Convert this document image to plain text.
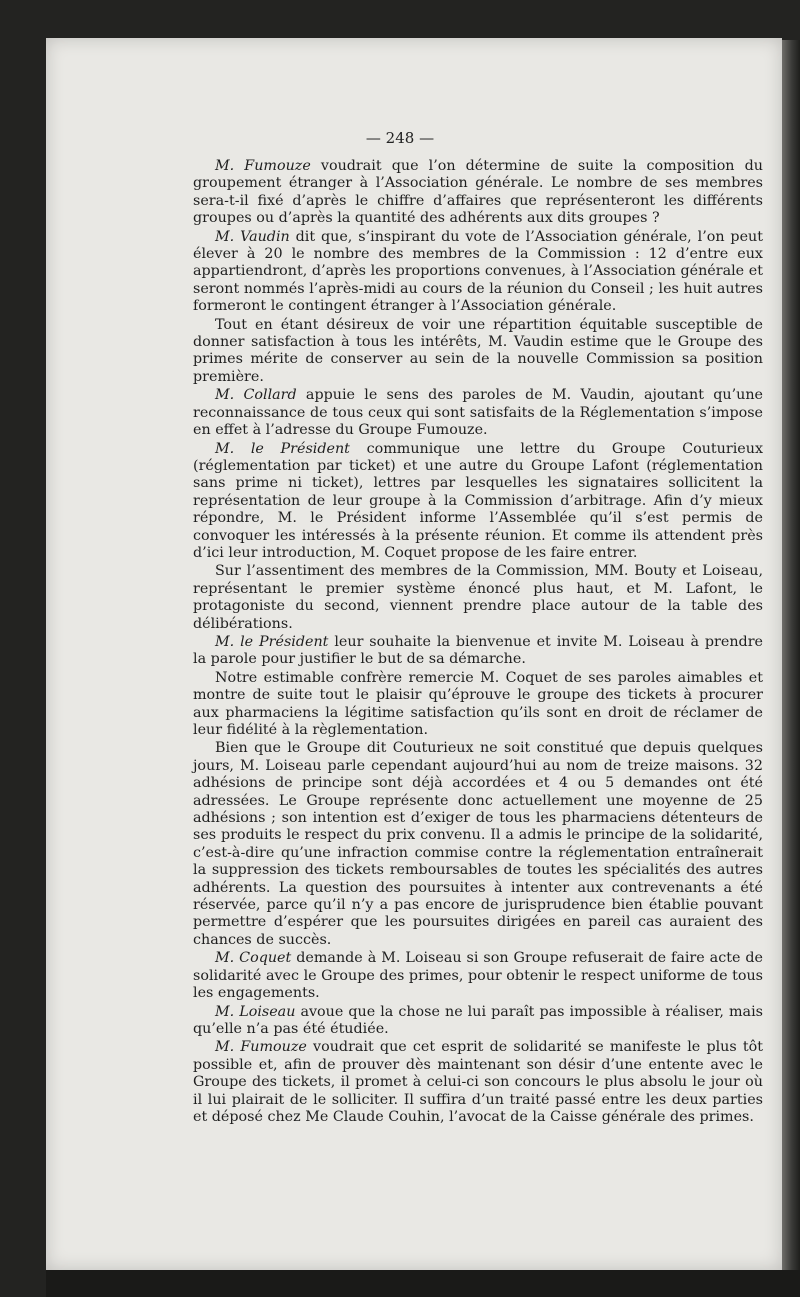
— 248 —

M. Fumouze voudrait que l’on détermine de suite la composition du groupement étranger à l’Association générale. Le nombre de ses membres sera-t-il fixé d’après le chiffre d’affaires que représenteront les différents groupes ou d’après la quantité des adhérents aux dits groupes ?

M. Vaudin dit que, s’inspirant du vote de l’Association générale, l’on peut élever à 20 le nombre des membres de la Commission : 12 d’entre eux appartiendront, d’après les proportions convenues, à l’Association générale et seront nommés l’après-midi au cours de la réunion du Conseil ; les huit autres formeront le contingent étranger à l’Association générale.

Tout en étant désireux de voir une répartition équitable susceptible de donner satisfaction à tous les intérêts, M. Vaudin estime que le Groupe des primes mérite de conserver au sein de la nouvelle Commission sa position première.

M. Collard appuie le sens des paroles de M. Vaudin, ajoutant qu’une reconnaissance de tous ceux qui sont satisfaits de la Réglementation s’impose en effet à l’adresse du Groupe Fumouze.

M. le Président communique une lettre du Groupe Couturieux (réglementation par ticket) et une autre du Groupe Lafont (réglementation sans prime ni ticket), lettres par lesquelles les signataires sollicitent la représentation de leur groupe à la Commission d’arbitrage. Afin d’y mieux répondre, M. le Président informe l’Assemblée qu’il s’est permis de convoquer les intéressés à la présente réunion. Et comme ils attendent près d’ici leur introduction, M. Coquet propose de les faire entrer.

Sur l’assentiment des membres de la Commission, MM. Bouty et Loiseau, représentant le premier système énoncé plus haut, et M. Lafont, le protagoniste du second, viennent prendre place autour de la table des délibérations.

M. le Président leur souhaite la bienvenue et invite M. Loiseau à prendre la parole pour justifier le but de sa démarche.

Notre estimable confrère remercie M. Coquet de ses paroles aimables et montre de suite tout le plaisir qu’éprouve le groupe des tickets à procurer aux pharmaciens la légitime satisfaction qu’ils sont en droit de réclamer de leur fidélité à la règlementation.

Bien que le Groupe dit Couturieux ne soit constitué que depuis quelques jours, M. Loiseau parle cependant aujourd’hui au nom de treize maisons. 32 adhésions de principe sont déjà accordées et 4 ou 5 demandes ont été adressées. Le Groupe représente donc actuellement une moyenne de 25 adhésions ; son intention est d’exiger de tous les pharmaciens détenteurs de ses produits le respect du prix convenu. Il a admis le principe de la solidarité, c’est-à-dire qu’une infraction commise contre la réglementation entraînerait la suppression des tickets remboursables de toutes les spécialités des autres adhérents. La question des poursuites à intenter aux contrevenants a été réservée, parce qu’il n’y a pas encore de jurisprudence bien établie pouvant permettre d’espérer que les poursuites dirigées en pareil cas auraient des chances de succès.

M. Coquet demande à M. Loiseau si son Groupe refuserait de faire acte de solidarité avec le Groupe des primes, pour obtenir le respect uniforme de tous les engagements.

M. Loiseau avoue que la chose ne lui paraît pas impossible à réaliser, mais qu’elle n’a pas été étudiée.

M. Fumouze voudrait que cet esprit de solidarité se manifeste le plus tôt possible et, afin de prouver dès maintenant son désir d’une entente avec le Groupe des tickets, il promet à celui-ci son concours le plus absolu le jour où il lui plairait de le solliciter. Il suffira d’un traité passé entre les deux parties et déposé chez Me Claude Couhin, l’avocat de la Caisse générale des primes.
